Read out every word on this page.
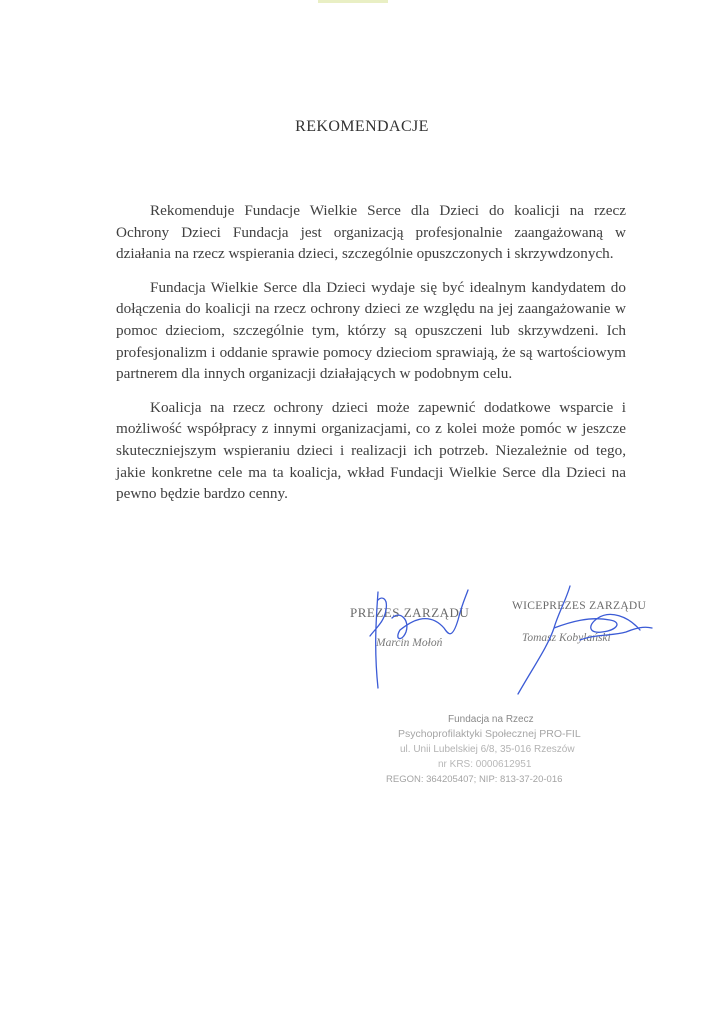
REKOMENDACJE

Rekomenduje Fundacje Wielkie Serce dla Dzieci do koalicji na rzecz Ochrony Dzieci Fundacja jest organizacją profesjonalnie zaangażowaną w działania na rzecz wspierania dzieci, szczególnie opuszczonych i skrzywdzonych.

Fundacja Wielkie Serce dla Dzieci wydaje się być idealnym kandydatem do dołączenia do koalicji na rzecz ochrony dzieci ze względu na jej zaangażowanie w pomoc dzieciom, szczególnie tym, którzy są opuszczeni lub skrzywdzeni. Ich profesjonalizm i oddanie sprawie pomocy dzieciom sprawiają, że są wartościowym partnerem dla innych organizacji działających w podobnym celu.

Koalicja na rzecz ochrony dzieci może zapewnić dodatkowe wsparcie i możliwość współpracy z innymi organizacjami, co z kolei może pomóc w jeszcze skuteczniejszym wspieraniu dzieci i realizacji ich potrzeb. Niezależnie od tego, jakie konkretne cele ma ta koalicja, wkład Fundacji Wielkie Serce dla Dzieci na pewno będzie bardzo cenny.

PREZES ZARZĄDU
Marcin Mołoń
WICEPREZES ZARZĄDU
Tomasz Kobylański
Fundacja na Rzecz
Psychoprofilaktyki Społecznej PRO-FIL
ul. Unii Lubelskiej 6/8, 35-016 Rzeszów
nr KRS: 0000612951
REGON: 364205407; NIP: 813-37-20-016
